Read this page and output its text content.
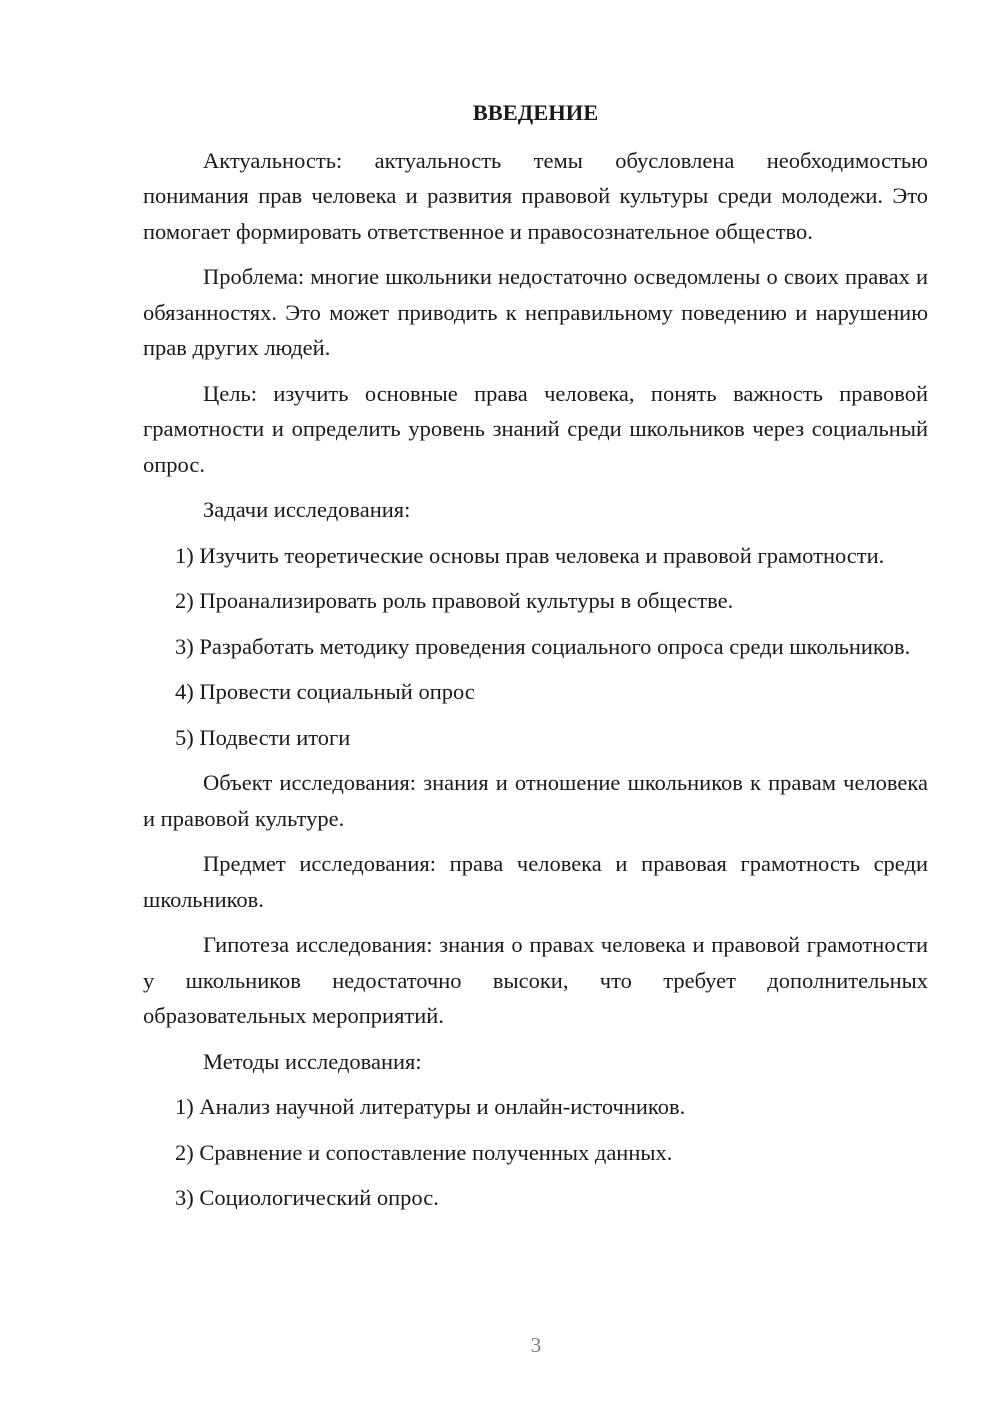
ВВЕДЕНИЕ

Актуальность: актуальность темы обусловлена необходимостью понимания прав человека и развития правовой культуры среди молодежи. Это помогает формировать ответственное и правосознательное общество.

Проблема: многие школьники недостаточно осведомлены о своих правах и обязанностях. Это может приводить к неправильному поведению и нарушению прав других людей.

Цель: изучить основные права человека, понять важность правовой грамотности и определить уровень знаний среди школьников через социальный опрос.

Задачи исследования:

1) Изучить теоретические основы прав человека и правовой грамотности.

2) Проанализировать роль правовой культуры в обществе.

3) Разработать методику проведения социального опроса среди школьников.

4) Провести социальный опрос

5) Подвести итоги

Объект исследования: знания и отношение школьников к правам человека и правовой культуре.

Предмет исследования: права человека и правовая грамотность среди школьников.

Гипотеза исследования: знания о правах человека и правовой грамотности у школьников недостаточно высоки, что требует дополнительных образовательных мероприятий.

Методы исследования:

1) Анализ научной литературы и онлайн-источников.

2) Сравнение и сопоставление полученных данных.

3) Социологический опрос.

3
